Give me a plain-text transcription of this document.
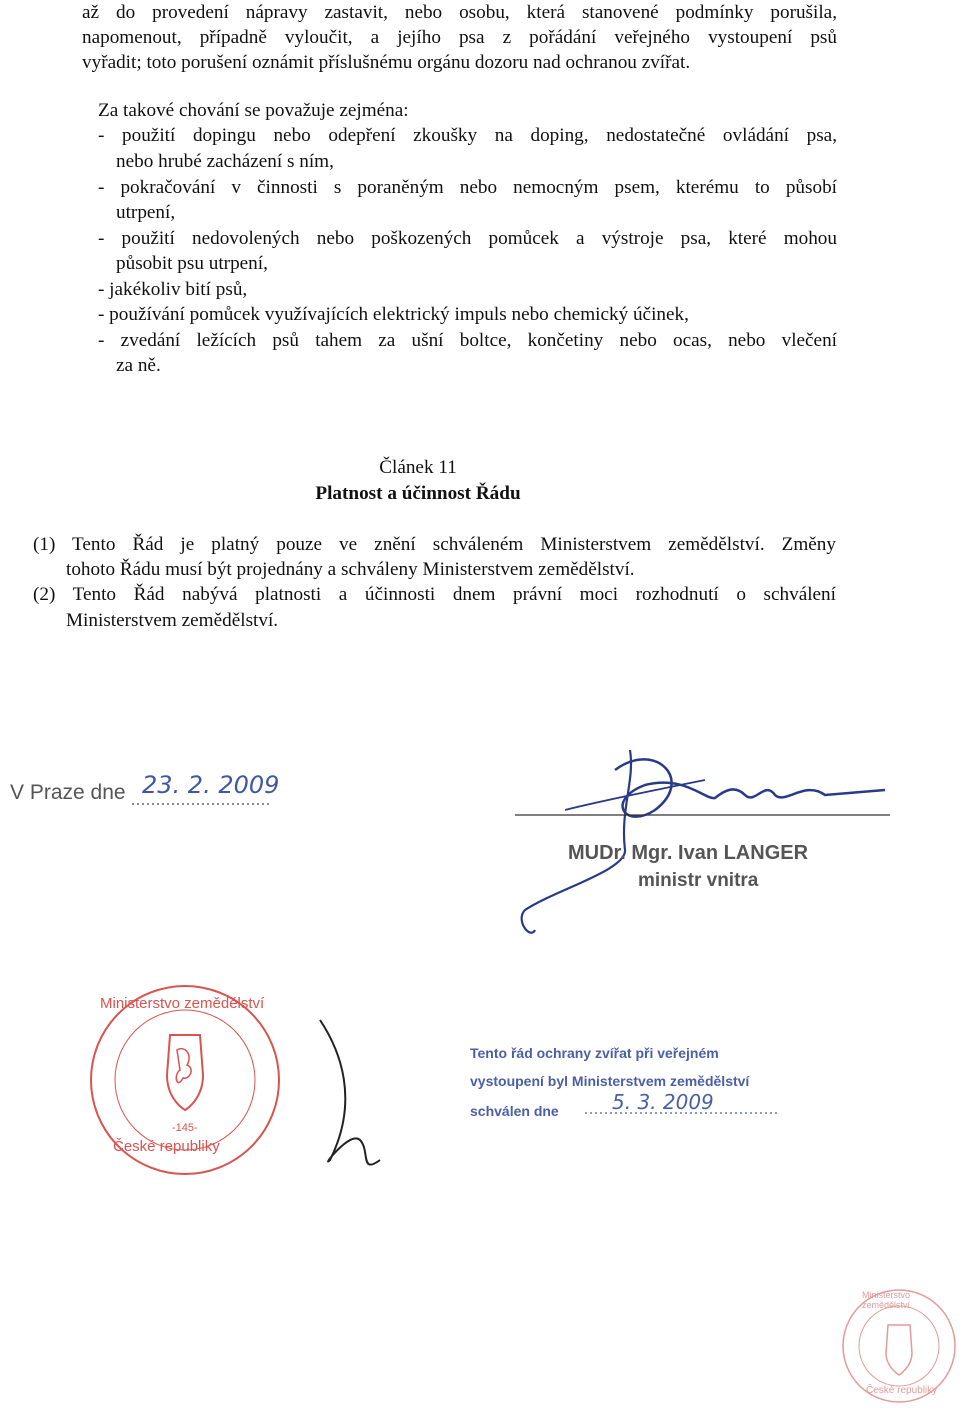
až do provedení nápravy zastavit, nebo osobu, která stanovené podmínky porušila,
napomenout, případně vyloučit, a jejího psa z pořádání veřejného vystoupení psů
vyřadit; toto porušení oznámit příslušnému orgánu dozoru nad ochranou zvířat.
Za takové chování se považuje zejména:
- použití dopingu nebo odepření zkoušky na doping, nedostatečné ovládání psa,
nebo hrubé zacházení s ním,
- pokračování v činnosti s poraněným nebo nemocným psem, kterému to působí
utrpení,
- použití nedovolených nebo poškozených pomůcek a výstroje psa, které mohou
působit psu utrpení,
- jakékoliv bití psů,
- používání pomůcek využívajících elektrický impuls nebo chemický účinek,
- zvedání ležících psů tahem za ušní boltce, končetiny nebo ocas, nebo vlečení
za ně.
Článek 11
Platnost a účinnost Řádu
(1) Tento Řád je platný pouze ve znění schváleném Ministerstvem zemědělství. Změny
tohoto Řádu musí být projednány a schváleny Ministerstvem zemědělství.
(2) Tento Řád nabývá platnosti a účinnosti dnem právní moci rozhodnutí o schválení
Ministerstvem zemědělství.
V Praze dne 23. 2. 2009
MUDr. Mgr. Ivan LANGER
ministr vnitra
Ministerstvo zemědělství
České republiky
-145-
Tento řád ochrany zvířat při veřejném
vystoupení byl Ministerstvem zemědělství
schválen dne	5. 3. 2009
Ministerstvo zemědělství
České republiky
